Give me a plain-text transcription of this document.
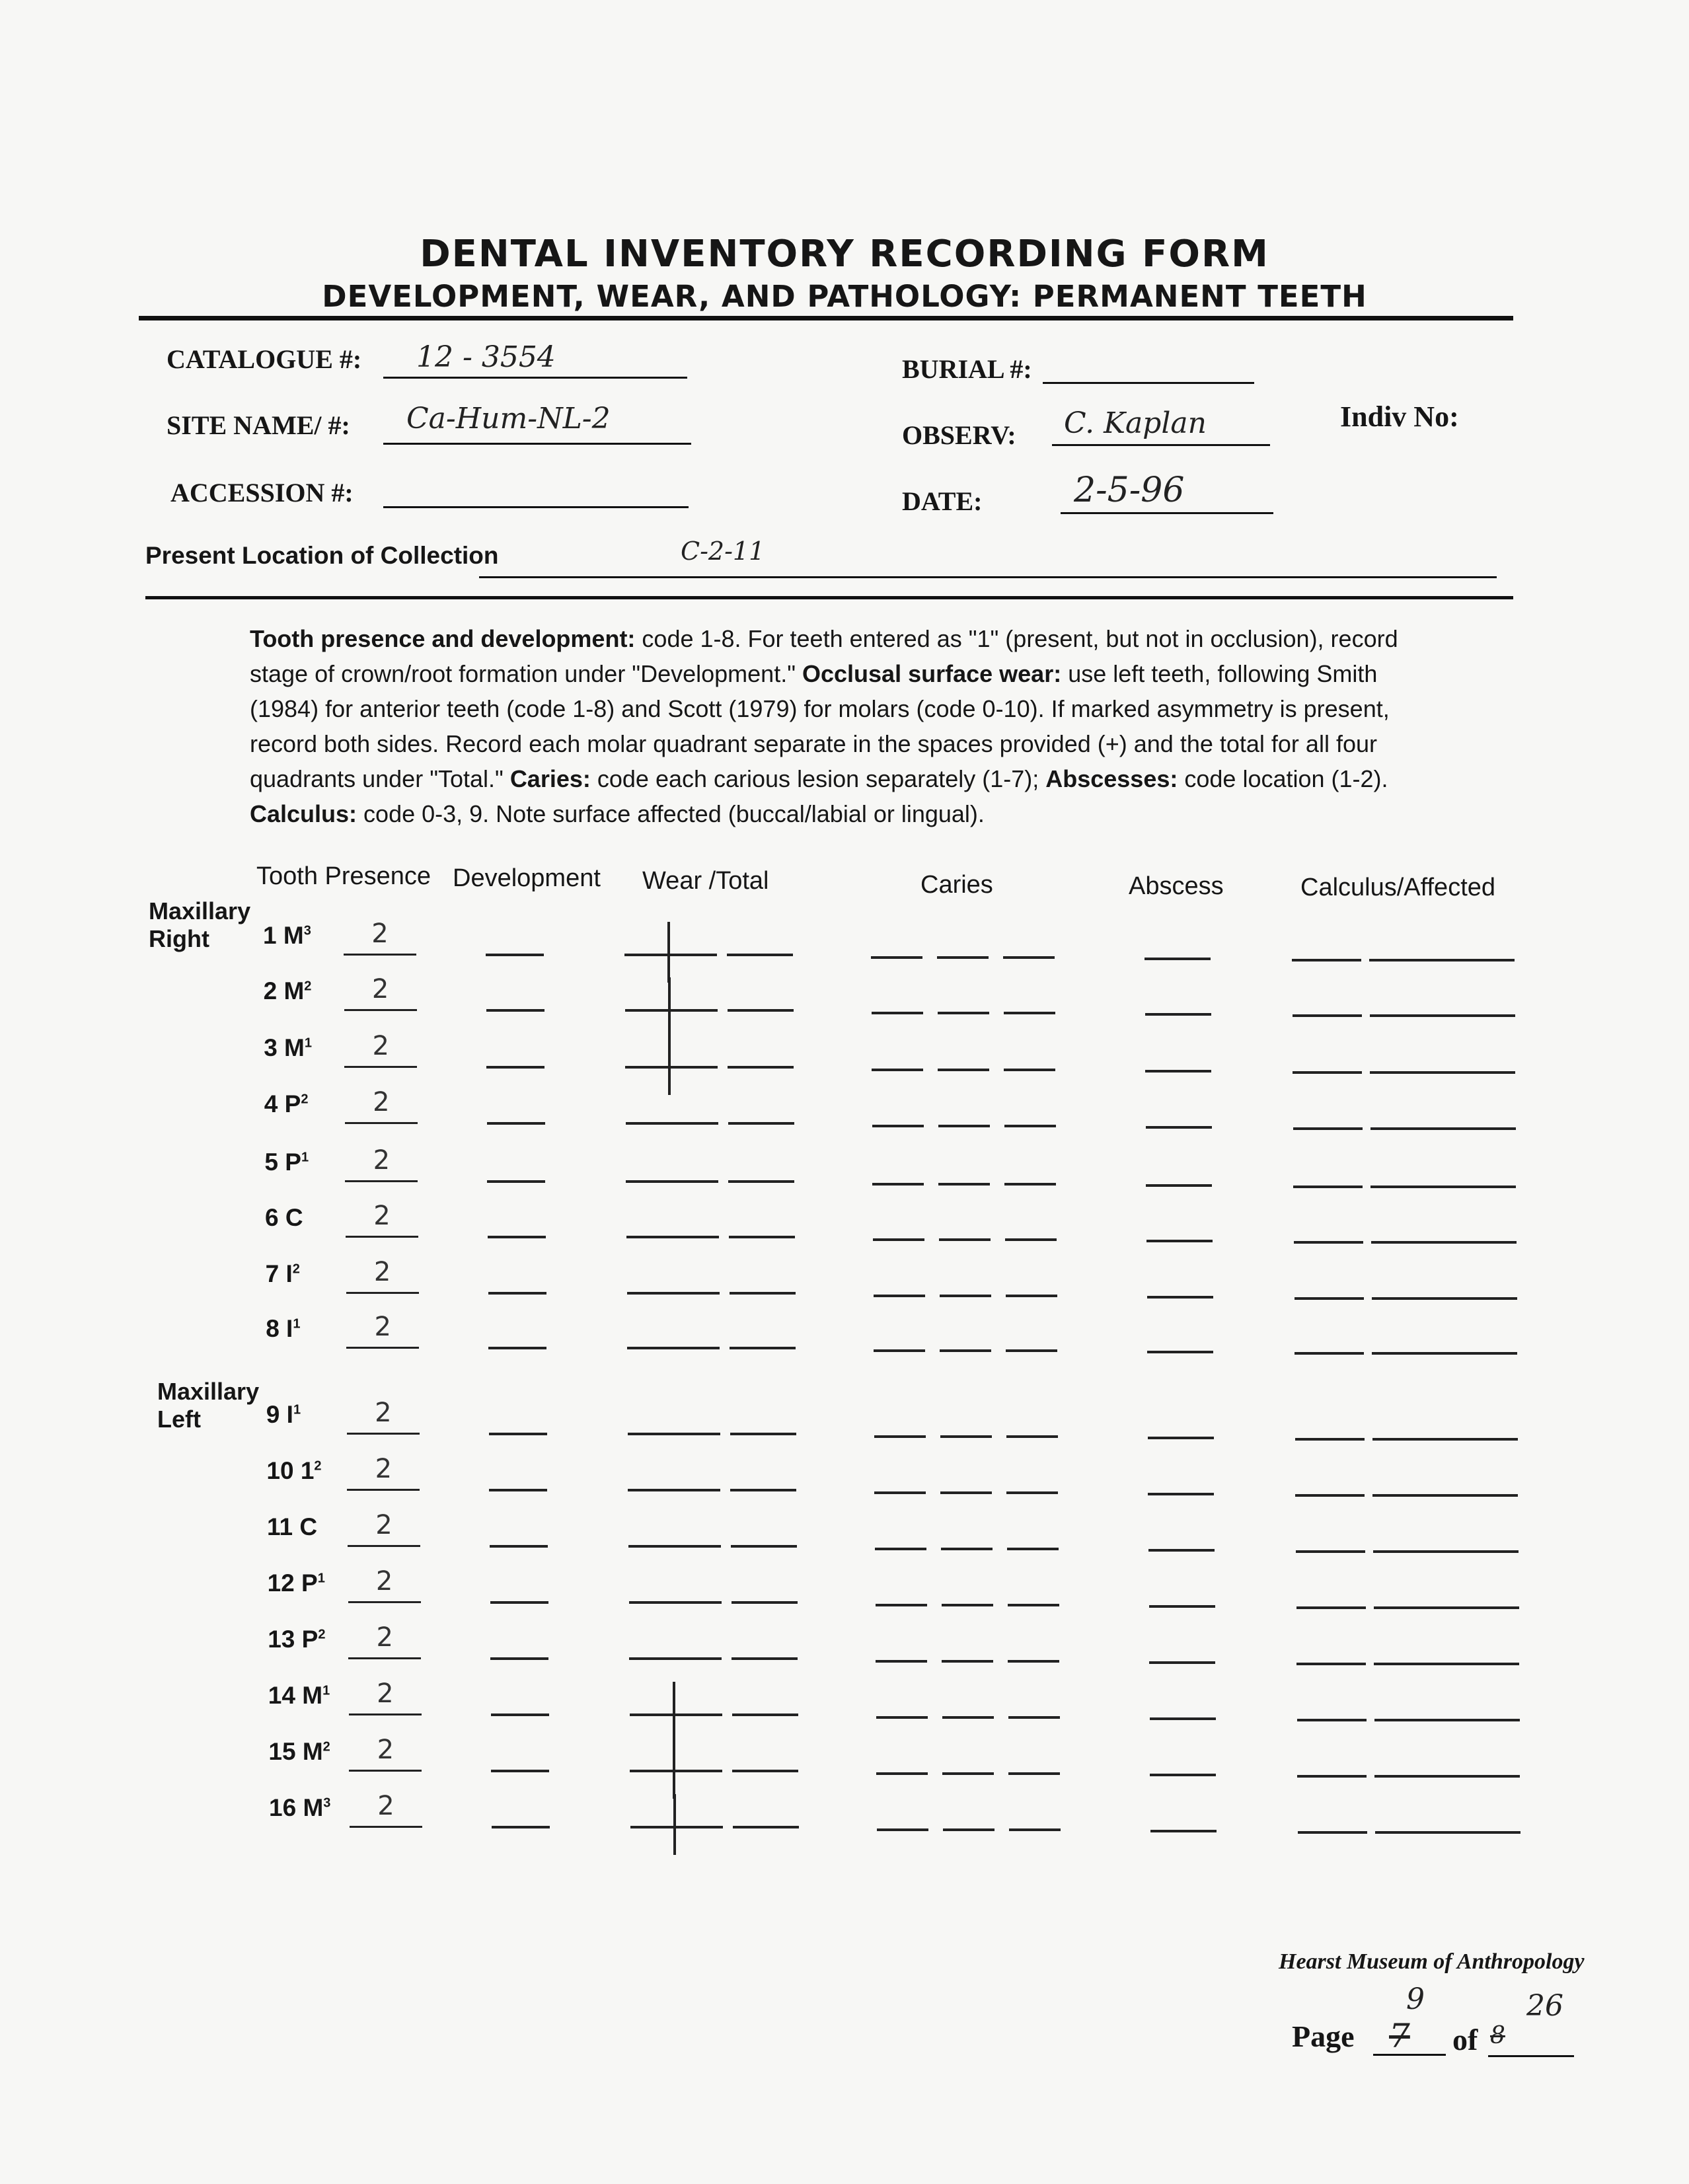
DENTAL INVENTORY RECORDING FORM
DEVELOPMENT, WEAR, AND PATHOLOGY: PERMANENT TEETH
CATALOGUE #: 12 - 3554
SITE NAME/ #: Ca-Hum-NL-2
ACCESSION #:
BURIAL #:
OBSERV: C. Kaplan	Indiv No:
DATE:	2-5-96
Present Location of Collection	C-2-11
Tooth presence and development: code 1-8. For teeth entered as "1" (present, but not in occlusion), record stage of crown/root formation under "Development." Occlusal surface wear: use left teeth, following Smith (1984) for anterior teeth (code 1-8) and Scott (1979) for molars (code 0-10). If marked asymmetry is present, record both sides. Record each molar quadrant separate in the spaces provided (+) and the total for all four quadrants under "Total." Caries: code each carious lesion separately (1-7); Abscesses: code location (1-2). Calculus: code 0-3, 9. Note surface affected (buccal/labial or lingual).
Tooth Presence Development Wear /Total	Caries	Abscess	Calculus/Affected
Maxillary
Right
Maxillary
Left
1 $M^3$	2
2 $M^2$	2
3 $M^1$	2
4 $P^2$	2
5 $P^1$	2
6 C	2
7 $I^2$	2
8 $I^1$	2
9 $I^1$	2
10 $1^2$	2
11 C	2
12 $P^1$	2
13 $P^2$	2
14 $M^1$	2
15 $M^2$	2
16 $M^3$	2
Hearst Museum of Anthropology
Page 7
9
of 8
26
